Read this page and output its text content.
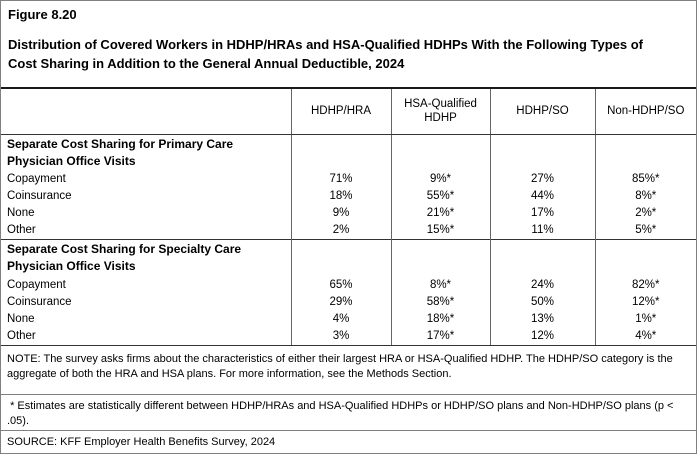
Figure 8.20
Distribution of Covered Workers in HDHP/HRAs and HSA-Qualified HDHPs With the Following Types of Cost Sharing in Addition to the General Annual Deductible, 2024
	HDHP/HRA	HSA-Qualified HDHP	HDHP/SO	Non-HDHP/SO
Separate Cost Sharing for Primary Care Physician Office Visits				
Copayment	71%	9%*	27%	85%*
Coinsurance	18%	55%*	44%	8%*
None	9%	21%*	17%	2%*
Other	2%	15%*	11%	5%*
Separate Cost Sharing for Specialty Care Physician Office Visits				
Copayment	65%	8%*	24%	82%*
Coinsurance	29%	58%*	50%	12%*
None	4%	18%*	13%	1%*
Other	3%	17%*	12%	4%*
NOTE: The survey asks firms about the characteristics of either their largest HRA or HSA-Qualified HDHP. The HDHP/SO category is the aggregate of both the HRA and HSA plans. For more information, see the Methods Section.
* Estimates are statistically different between HDHP/HRAs and HSA-Qualified HDHPs or HDHP/SO plans and Non-HDHP/SO plans (p < .05).
SOURCE: KFF Employer Health Benefits Survey, 2024
